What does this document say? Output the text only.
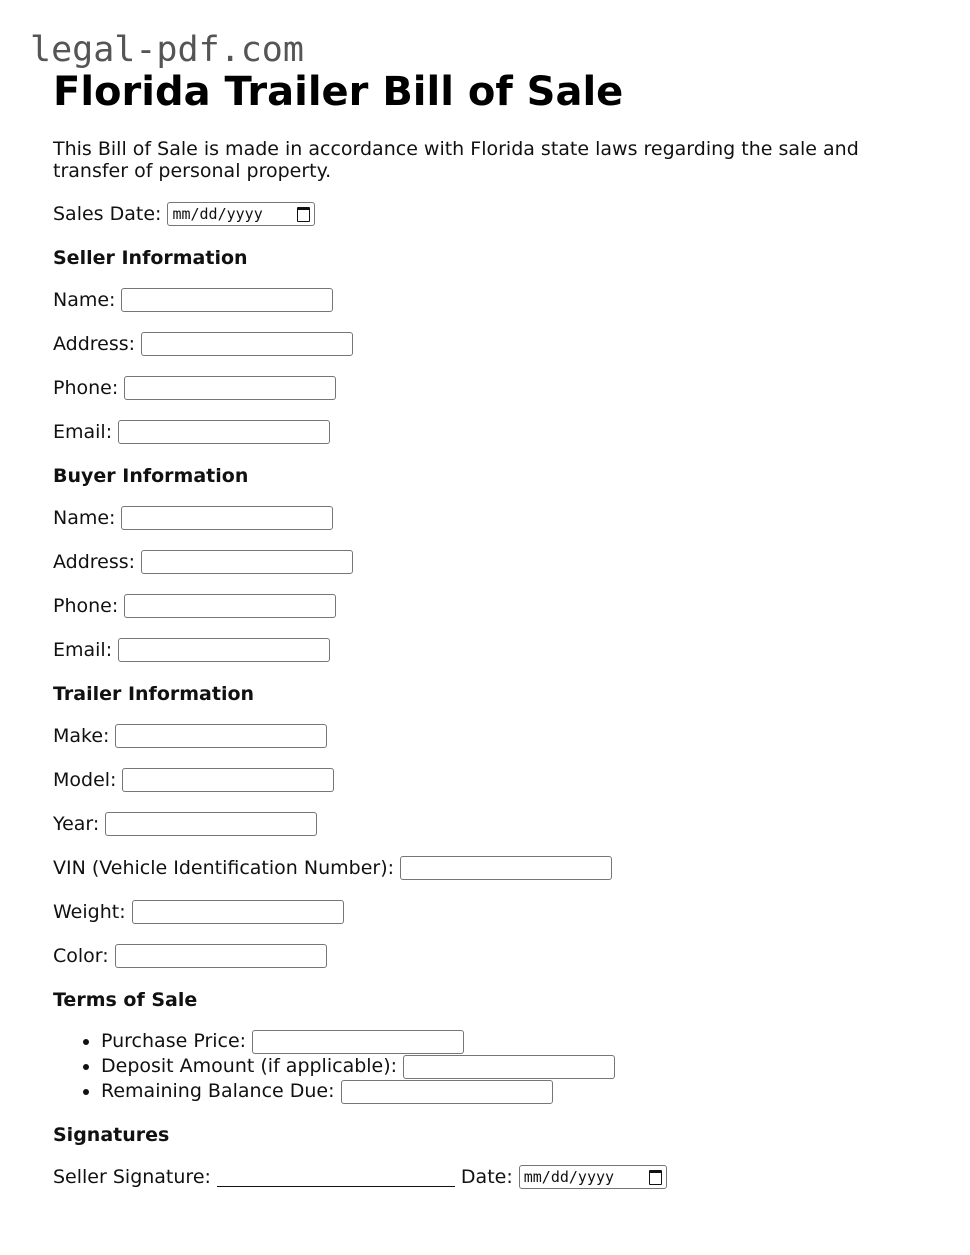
legal-pdf.com
Florida Trailer Bill of Sale

This Bill of Sale is made in accordance with Florida state laws regarding the sale and transfer of personal property.

Sales Date: mm/dd/yyyy
Seller Information
Name:
Address:
Phone:
Email:
Buyer Information
Name:
Address:
Phone:
Email:
Trailer Information
Make:
Model:
Year:
VIN (Vehicle Identification Number):
Weight:
Color:
Terms of Sale
• Purchase Price:
• Deposit Amount (if applicable):
• Remaining Balance Due:
Signatures
Seller Signature:	Date: mm/dd/yyyy
